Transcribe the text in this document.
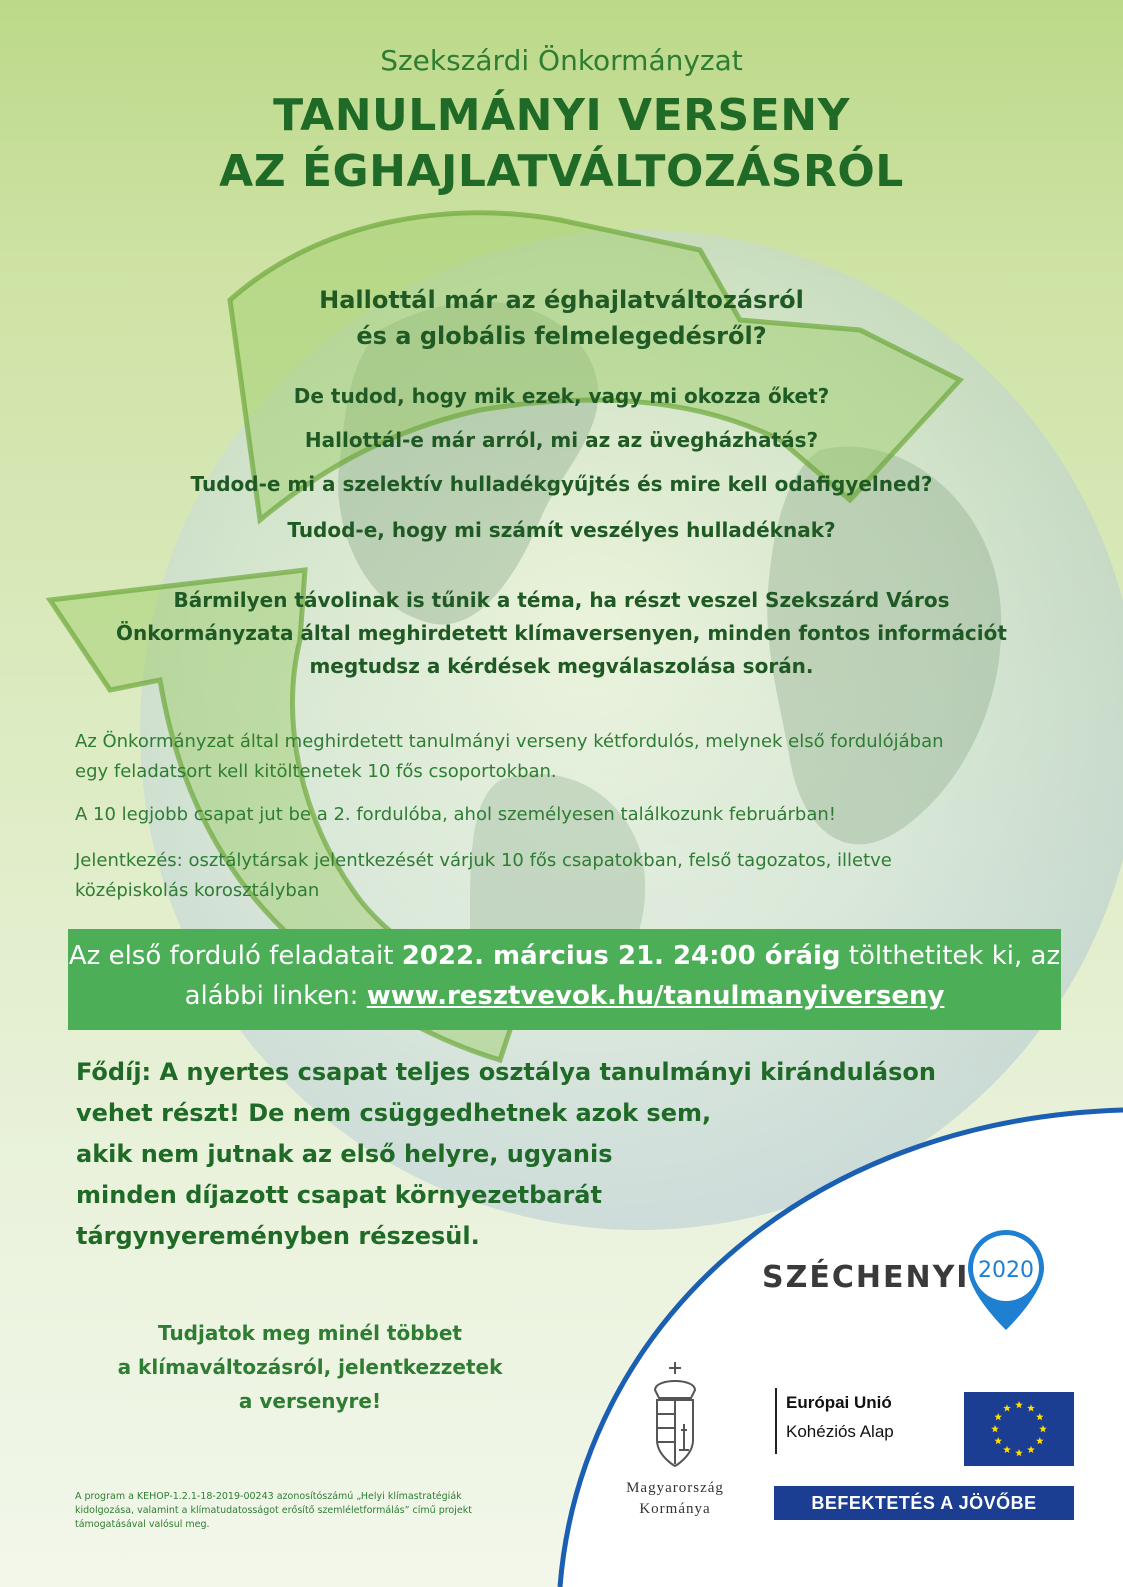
Szekszárdi Önkormányzat
TANULMÁNYI VERSENY
AZ ÉGHAJLATVÁLTOZÁSRÓL
Hallottál már az éghajlatváltozásról
és a globális felmelegedésről?
De tudod, hogy mik ezek, vagy mi okozza őket?
Hallottál-e már arról, mi az az üvegházhatás?
Tudod-e mi a szelektív hulladékgyűjtés és mire kell odafigyelned?
Tudod-e, hogy mi számít veszélyes hulladéknak?
Bármilyen távolinak is tűnik a téma, ha részt veszel Szekszárd Város
Önkormányzata által meghirdetett klímaversenyen, minden fontos információt
megtudsz a kérdések megválaszolása során.
Az Önkormányzat által meghirdetett tanulmányi verseny kétfordulós, melynek első fordulójában
egy feladatsort kell kitöltenetek 10 fős csoportokban.
A 10 legjobb csapat jut be a 2. fordulóba, ahol személyesen találkozunk februárban!
Jelentkezés: osztálytársak jelentkezését várjuk 10 fős csapatokban, felső tagozatos, illetve
középiskolás korosztályban
Az első forduló feladatait 2022. március 21. 24:00 óráig tölthetitek ki, az
alábbi linken: www.resztvevok.hu/tanulmanyiverseny
Fődíj: A nyertes csapat teljes osztálya tanulmányi kiránduláson
vehet részt! De nem csüggedhetnek azok sem,
akik nem jutnak az első helyre, ugyanis
minden díjazott csapat környezetbarát
tárgynyereményben részesül.
Tudjatok meg minél többet
a klímaváltozásról, jelentkezzetek
a versenyre!
A program a KEHOP-1.2.1-18-2019-00243 azonosítószámú „Helyi klímastratégiák
kidolgozása, valamint a klímatudatosságot erősítő szemléletformálás” című projekt
támogatásával valósul meg.
SZÉCHENYI 2020
Magyarország
Kormánya
Európai Unió
Kohéziós Alap
BEFEKTETÉS A JÖVŐBE
